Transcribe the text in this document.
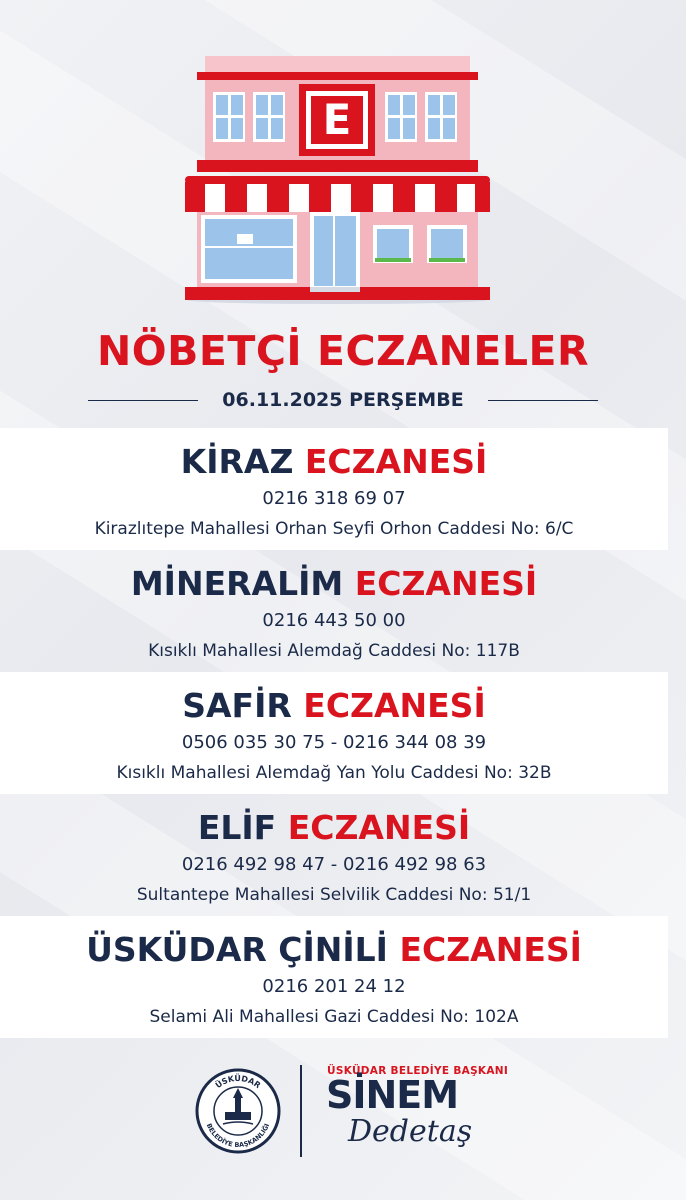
E
NÖBETÇİ ECZANELER
06.11.2025 PERŞEMBE
KİRAZ ECZANESİ
0216 318 69 07
Kirazlıtepe Mahallesi Orhan Seyfi Orhon Caddesi No: 6/C
MİNERALİM ECZANESİ
0216 443 50 00
Kısıklı Mahallesi Alemdağ Caddesi No: 117B
SAFİR ECZANESİ
0506 035 30 75 - 0216 344 08 39
Kısıklı Mahallesi Alemdağ Yan Yolu Caddesi No: 32B
ELİF ECZANESİ
0216 492 98 47 - 0216 492 98 63
Sultantepe Mahallesi Selvilik Caddesi No: 51/1
ÜSKÜDAR ÇİNİLİ ECZANESİ
0216 201 24 12
Selami Ali Mahallesi Gazi Caddesi No: 102A
ÜSKÜDAR
BELEDİYE BAŞKANLIĞI
ÜSKÜDAR BELEDİYE BAŞKANI
SİNEM
Dedetaş
